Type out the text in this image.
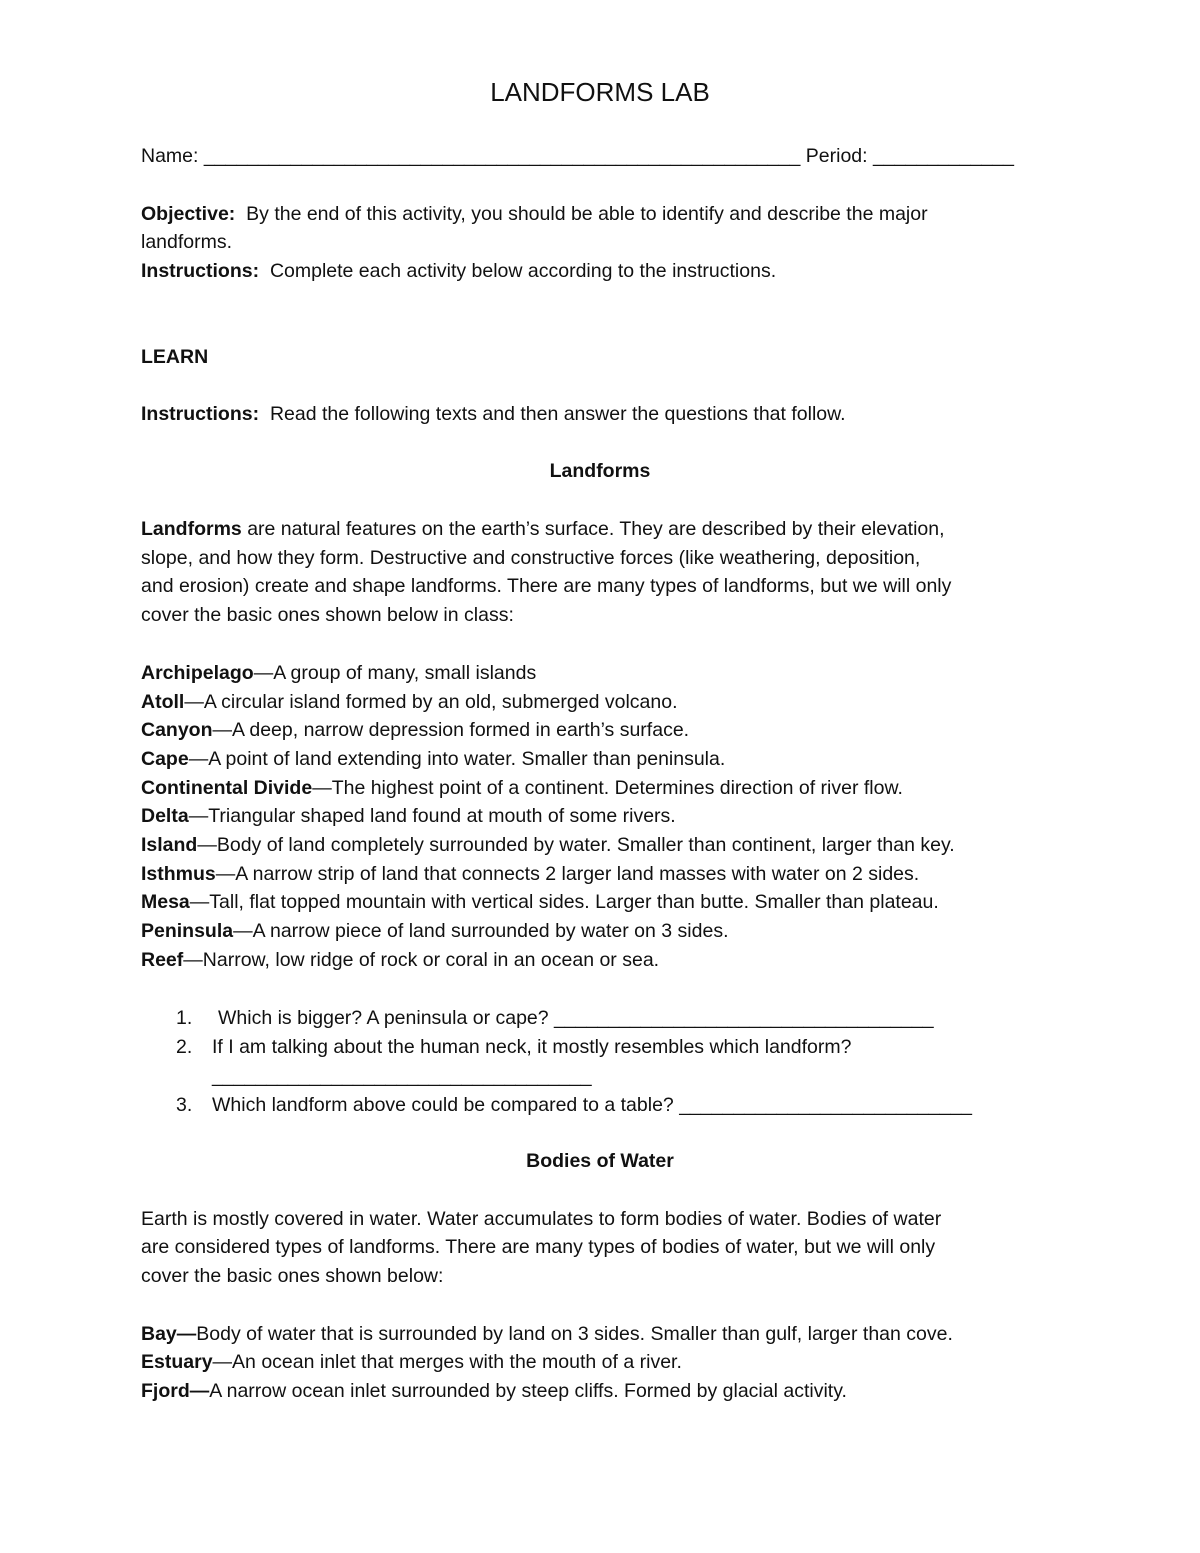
LANDFORMS LAB
Name: _______________________________________________________ Period: _____________
Objective: By the end of this activity, you should be able to identify and describe the major
landforms.
Instructions: Complete each activity below according to the instructions.
LEARN
Instructions: Read the following texts and then answer the questions that follow.
Landforms
Landforms are natural features on the earth’s surface. They are described by their elevation,
slope, and how they form. Destructive and constructive forces (like weathering, deposition,
and erosion) create and shape landforms. There are many types of landforms, but we will only
cover the basic ones shown below in class:
Archipelago—A group of many, small islands
Atoll—A circular island formed by an old, submerged volcano.
Canyon—A deep, narrow depression formed in earth’s surface.
Cape—A point of land extending into water. Smaller than peninsula.
Continental Divide—The highest point of a continent. Determines direction of river flow.
Delta—Triangular shaped land found at mouth of some rivers.
Island—Body of land completely surrounded by water. Smaller than continent, larger than key.
Isthmus—A narrow strip of land that connects 2 larger land masses with water on 2 sides.
Mesa—Tall, flat topped mountain with vertical sides. Larger than butte. Smaller than plateau.
Peninsula—A narrow piece of land surrounded by water on 3 sides.
Reef—Narrow, low ridge of rock or coral in an ocean or sea.
1. Which is bigger? A peninsula or cape? ___________________________________
2. If I am talking about the human neck, it mostly resembles which landform?
___________________________________
3. Which landform above could be compared to a table? ___________________________
Bodies of Water
Earth is mostly covered in water. Water accumulates to form bodies of water. Bodies of water
are considered types of landforms. There are many types of bodies of water, but we will only
cover the basic ones shown below:
Bay—Body of water that is surrounded by land on 3 sides. Smaller than gulf, larger than cove.
Estuary—An ocean inlet that merges with the mouth of a river.
Fjord—A narrow ocean inlet surrounded by steep cliffs. Formed by glacial activity.
